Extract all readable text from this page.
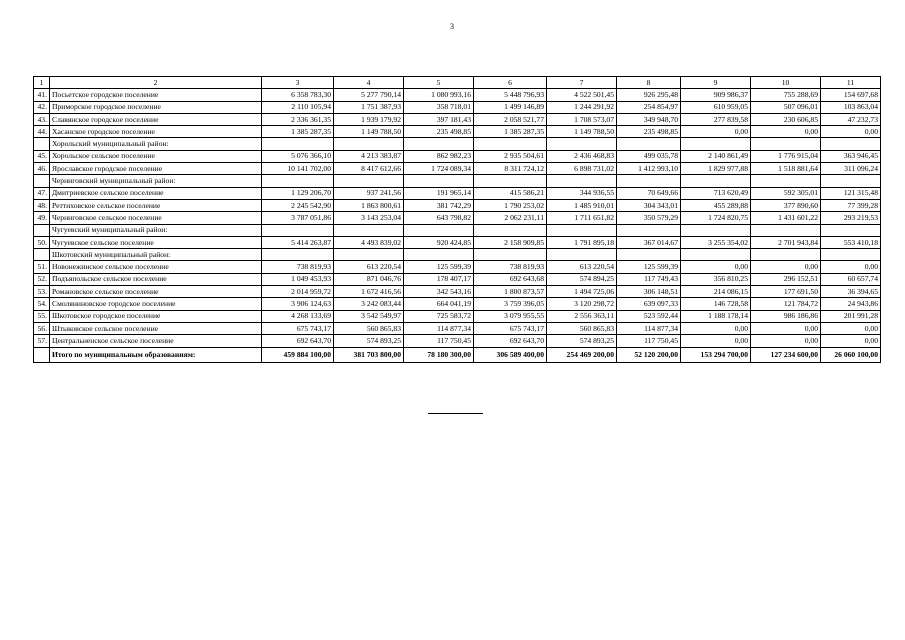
3
1	2	3	4	5	6	7	8	9	10	11
41.	Посьетское городское поселение	6 358 783,30	5 277 790,14	1 080 993,16	5 448 796,93	4 522 501,45	926 295,48	909 986,37	755 288,69	154 697,68
42.	Приморское городское поселение	2 110 105,94	1 751 387,93	358 718,01	1 499 146,89	1 244 291,92	254 854,97	610 959,05	507 096,01	103 863,04
43.	Славянское городское поселение	2 336 361,35	1 939 179,92	397 181,43	2 058 521,77	1 708 573,07	349 948,70	277 839,58	230 606,85	47 232,73
44.	Хасанское городское поселение	1 385 287,35	1 149 788,50	235 498,85	1 385 287,35	1 149 788,50	235 498,85	0,00	0,00	0,00
	Хорольский муниципальный район:									
45.	Хорольское сельское поселение	5 076 366,10	4 213 383,87	862 982,23	2 935 504,61	2 436 468,83	499 035,78	2 140 861,49	1 776 915,04	363 946,45
46.	Ярославское городское поселение	10 141 702,00	8 417 612,66	1 724 089,34	8 311 724,12	6 898 731,02	1 412 993,10	1 829 977,88	1 518 881,64	311 096,24
	Черниговский муниципальный район:									
47.	Дмитриевское сельское поселение	1 129 206,70	937 241,56	191 965,14	415 586,21	344 936,55	70 649,66	713 620,49	592 305,01	121 315,48
48.	Реттиховское сельское поселение	2 245 542,90	1 863 800,61	381 742,29	1 790 253,02	1 485 910,01	304 343,01	455 289,88	377 890,60	77 399,28
49.	Черниговское сельское поселение	3 787 051,86	3 143 253,04	643 798,82	2 062 231,11	1 711 651,82	350 579,29	1 724 820,75	1 431 601,22	293 219,53
	Чугуевский муниципальный район:									
50.	Чугуевское сельское поселение	5 414 263,87	4 493 839,02	920 424,85	2 158 909,85	1 791 895,18	367 014,67	3 255 354,02	2 701 943,84	553 410,18
	Шкотовский муниципальный район:									
51.	Новонежинское сельское поселение	738 819,93	613 220,54	125 599,39	738 819,93	613 220,54	125 599,39	0,00	0,00	0,00
52.	Подъяпольское сельское поселение	1 049 453,93	871 046,76	178 407,17	692 643,68	574 894,25	117 749,43	356 810,25	296 152,51	60 657,74
53.	Романовское сельское поселение	2 014 959,72	1 672 416,56	342 543,16	1 800 873,57	1 494 725,06	306 148,51	214 086,15	177 691,50	36 394,65
54.	Смоляниновское городское поселение	3 906 124,63	3 242 083,44	664 041,19	3 759 396,05	3 120 298,72	639 097,33	146 728,58	121 784,72	24 943,86
55.	Шкотовское городское поселение	4 268 133,69	3 542 549,97	725 583,72	3 079 955,55	2 556 363,11	523 592,44	1 188 178,14	986 186,86	201 991,28
56.	Штыковское сельское поселение	675 743,17	560 865,83	114 877,34	675 743,17	560 865,83	114 877,34	0,00	0,00	0,00
57.	Центральненское сельское поселение	692 643,70	574 893,25	117 750,45	692 643,70	574 893,25	117 750,45	0,00	0,00	0,00
	Итого по муниципальным образованиям:	459 884 100,00	381 703 800,00	78 180 300,00	306 589 400,00	254 469 200,00	52 120 200,00	153 294 700,00	127 234 600,00	26 060 100,00
